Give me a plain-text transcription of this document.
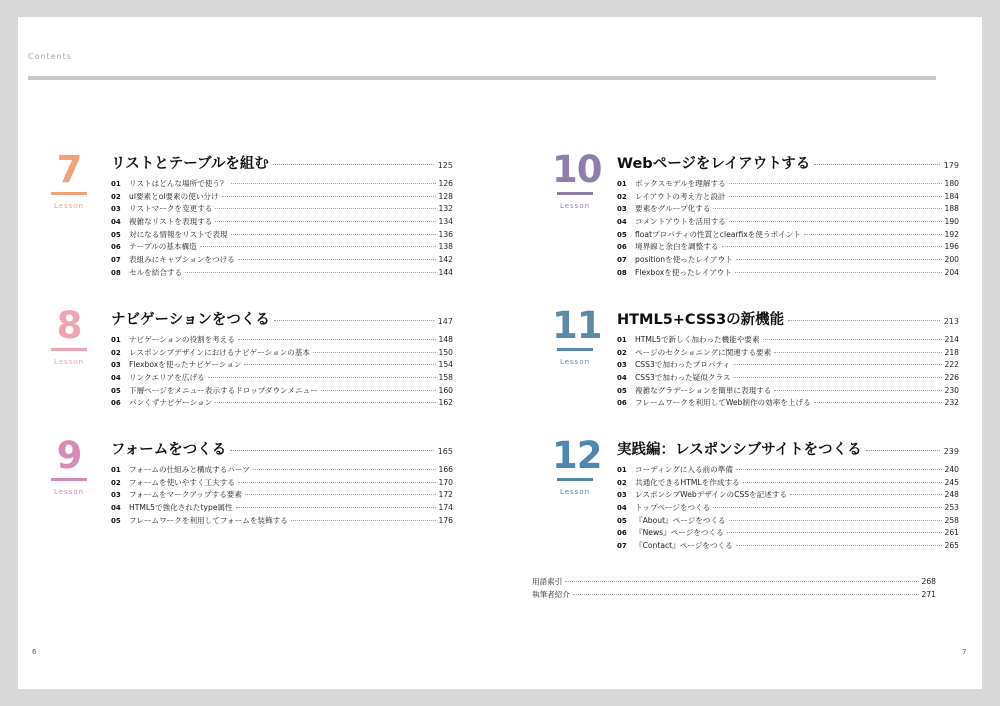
Contents
7
Lesson
リストとテーブルを組む	125
01	リストはどんな場所で使う？	126
02	ul要素とol要素の使い分け	128
03	リストマークを変更する	132
04	複雑なリストを表現する	134
05	対になる情報をリストで表現	136
06	テーブルの基本構造	138
07	表組みにキャプションをつける	142
08	セルを結合する	144
8
Lesson
ナビゲーションをつくる	147
01	ナビゲーションの役割を考える	148
02	レスポンシブデザインにおけるナビゲーションの基本	150
03	Flexboxを使ったナビゲーション	154
04	リンクエリアを広げる	158
05	下層ページをメニュー表示するドロップダウンメニュー	160
06	パンくずナビゲーション	162
9
Lesson
フォームをつくる	165
01	フォームの仕組みと構成するパーツ	166
02	フォームを使いやすく工夫する	170
03	フォームをマークアップする要素	172
04	HTML5で強化されたtype属性	174
05	フレームワークを利用してフォームを装飾する	176
10
Lesson
Webページをレイアウトする	179
01	ボックスモデルを理解する	180
02	レイアウトの考え方と設計	184
03	要素をグループ化する	188
04	コメントアウトを活用する	190
05	floatプロパティの性質とclearfixを使うポイント	192
06	境界線と余白を調整する	196
07	positionを使ったレイアウト	200
08	Flexboxを使ったレイアウト	204
11
Lesson
HTML5+CSS3の新機能	213
01	HTML5で新しく加わった機能や要素	214
02	ページのセクショニングに関連する要素	218
03	CSS3で加わったプロパティ	222
04	CSS3で加わった疑似クラス	226
05	複雑なグラデーションを簡単に表現する	230
06	フレームワークを利用してWeb制作の効率を上げる	232
12
Lesson
実践編：レスポンシブサイトをつくる	239
01	コーディングに入る前の準備	240
02	共通化できるHTMLを作成する	245
03	レスポンシブWebデザインのCSSを記述する	248
04	トップページをつくる	253
05	『About』ページをつくる	258
06	『News』ページをつくる	261
07	『Contact』ページをつくる	265
用語索引	268
執筆者紹介	271
6	7
